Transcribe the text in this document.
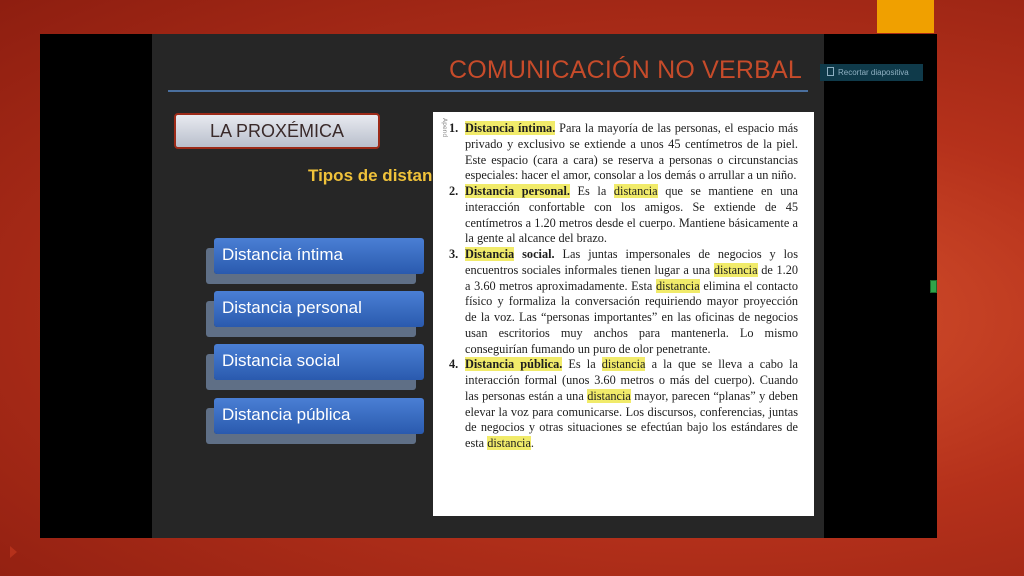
COMUNICACIÓN NO VERBAL
LA PROXÉMICA
Tipos de distan
Distancia íntima
Distancia personal
Distancia social
Distancia pública
Apend 1. Distancia íntima. Para la mayoría de las personas, el espacio más privado y exclusivo se extiende a unos 45 centímetros de la piel. Este espacio (cara a cara) se reserva a personas o circunstancias especiales: hacer el amor, consolar a los demás o arrullar a un niño.
2. Distancia personal. Es la distancia que se mantiene en una interacción confortable con los amigos. Se extiende de 45 centímetros a 1.20 metros desde el cuerpo. Mantiene básicamente a la gente al alcance del brazo.
3. Distancia social. Las juntas impersonales de negocios y los encuentros sociales informales tienen lugar a una distancia de 1.20 a 3.60 metros aproximadamente. Esta distancia elimina el contacto físico y formaliza la conversación requiriendo mayor proyección de la voz. Las “personas importantes” en las oficinas de negocios usan escritorios muy anchos para mantenerla. Lo mismo conseguirían fumando un puro de olor penetrante.
4. Distancia pública. Es la distancia a la que se lleva a cabo la interacción formal (unos 3.60 metros o más del cuerpo). Cuando las personas están a una distancia mayor, parecen “planas” y deben elevar la voz para comunicarse. Los discursos, conferencias, juntas de negocios y otras situaciones se efectúan bajo los estándares de esta distancia.
Recortar diapositiva
